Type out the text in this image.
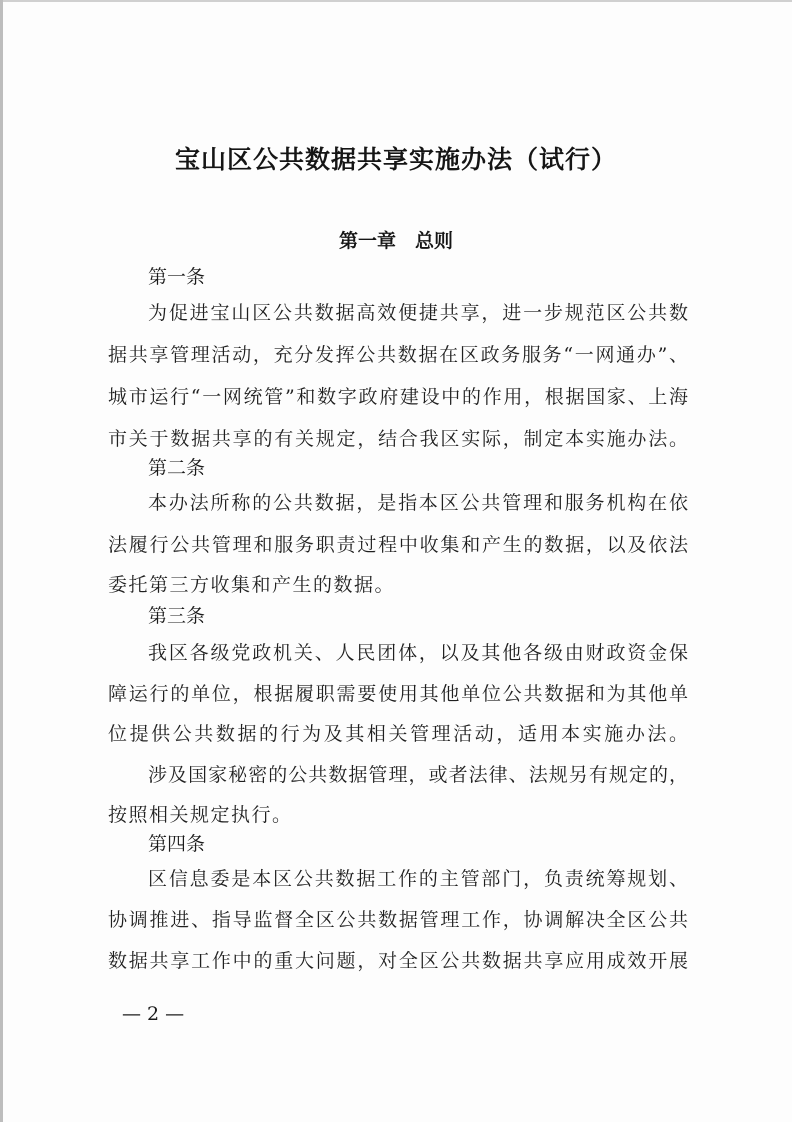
宝山区公共数据共享实施办法（试行）
第一章　总则
第一条
为促进宝山区公共数据高效便捷共享，进一步规范区公共数
据共享管理活动，充分发挥公共数据在区政务服务“一网通办”、
城市运行“一网统管”和数字政府建设中的作用，根据国家、上海
市关于数据共享的有关规定，结合我区实际，制定本实施办法。
第二条
本办法所称的公共数据，是指本区公共管理和服务机构在依
法履行公共管理和服务职责过程中收集和产生的数据，以及依法
委托第三方收集和产生的数据。
第三条
我区各级党政机关、人民团体，以及其他各级由财政资金保
障运行的单位，根据履职需要使用其他单位公共数据和为其他单
位提供公共数据的行为及其相关管理活动，适用本实施办法。
涉及国家秘密的公共数据管理，或者法律、法规另有规定的，
按照相关规定执行。
第四条
区信息委是本区公共数据工作的主管部门，负责统筹规划、
协调推进、指导监督全区公共数据管理工作，协调解决全区公共
数据共享工作中的重大问题，对全区公共数据共享应用成效开展
— 2 —
